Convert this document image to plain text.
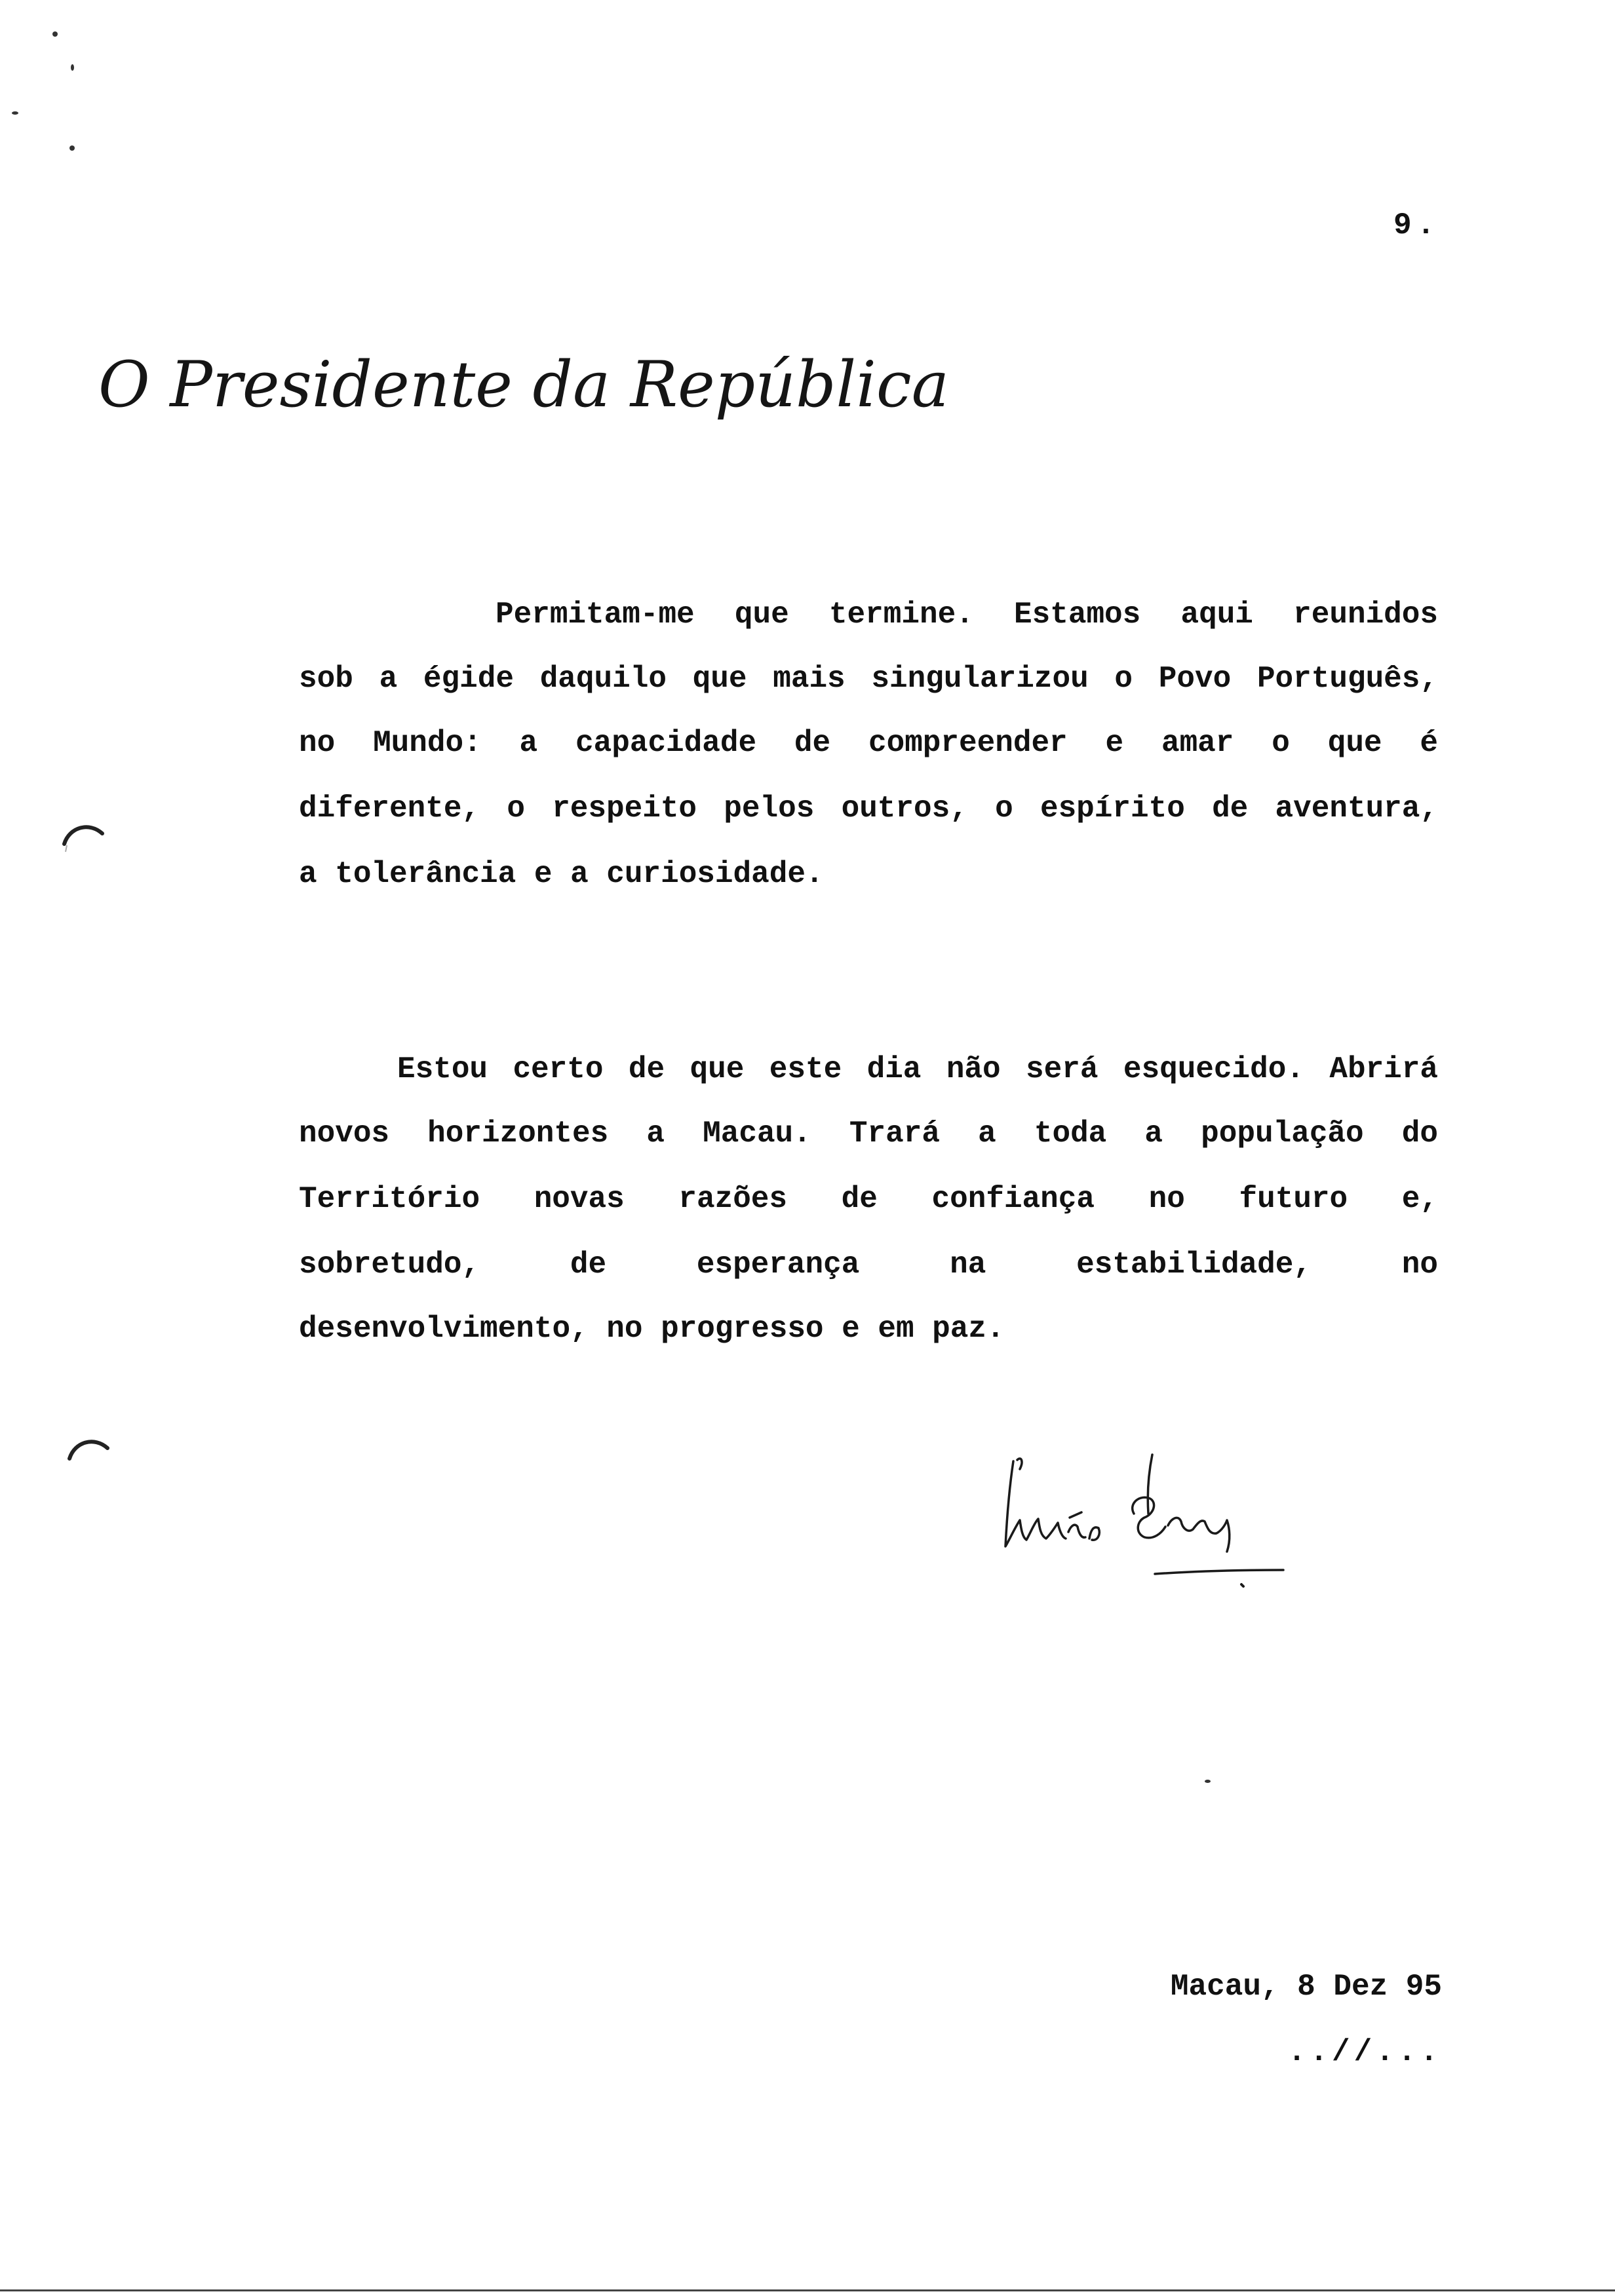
9.
O Presidente da República
Permitam-me que termine. Estamos aqui reunidos
sob a égide daquilo que mais singularizou o Povo Português,
no Mundo: a capacidade de compreender e amar o que é
diferente, o respeito pelos outros, o espírito de aventura,
a tolerância e a curiosidade.
Estou certo de que este dia não será esquecido. Abrirá
novos horizontes a Macau. Trará a toda a população do
Território novas razões de confiança no futuro e,
sobretudo, de esperança na estabilidade, no
desenvolvimento, no progresso e em paz.
Macau, 8 Dez 95
..//...
